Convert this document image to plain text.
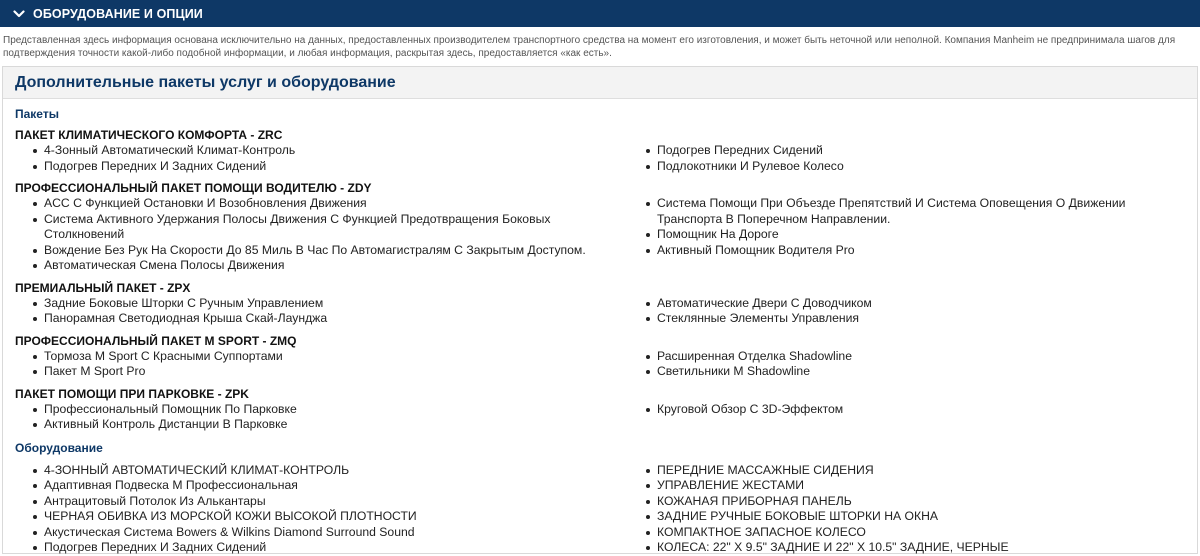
ОБОРУДОВАНИЕ И ОПЦИИ
Представленная здесь информация основана исключительно на данных, предоставленных производителем транспортного средства на момент его изготовления, и может быть неточной или неполной. Компания Manheim не предпринимала шагов для подтверждения точности какой-либо подобной информации, и любая информация, раскрытая здесь, предоставляется «как есть».
Дополнительные пакеты услуг и оборудование
Пакеты
ПАКЕТ КЛИМАТИЧЕСКОГО КОМФОРТА - ZRC
4-Зонный Автоматический Климат-Контроль
Подогрев Передних И Задних Сидений
Подогрев Передних Сидений
Подлокотники И Рулевое Колесо
ПРОФЕССИОНАЛЬНЫЙ ПАКЕТ ПОМОЩИ ВОДИТЕЛЮ - ZDY
ACC С Функцией Остановки И Возобновления Движения
Система Активного Удержания Полосы Движения С Функцией Предотвращения Боковых Столкновений
Вождение Без Рук На Скорости До 85 Миль В Час По Автомагистралям С Закрытым Доступом.
Автоматическая Смена Полосы Движения
Система Помощи При Объезде Препятствий И Система Оповещения О Движении Транспорта В Поперечном Направлении.
Помощник На Дороге
Активный Помощник Водителя Pro
ПРЕМИАЛЬНЫЙ ПАКЕТ - ZPX
Задние Боковые Шторки С Ручным Управлением
Панорамная Светодиодная Крыша Скай-Лаунджа
Автоматические Двери С Доводчиком
Стеклянные Элементы Управления
ПРОФЕССИОНАЛЬНЫЙ ПАКЕТ M SPORT - ZMQ
Тормоза M Sport С Красными Суппортами
Пакет M Sport Pro
Расширенная Отделка Shadowline
Светильники M Shadowline
ПАКЕТ ПОМОЩИ ПРИ ПАРКОВКЕ - ZPK
Профессиональный Помощник По Парковке
Активный Контроль Дистанции В Парковке
Круговой Обзор С 3D-Эффектом
Оборудование
4-ЗОННЫЙ АВТОМАТИЧЕСКИЙ КЛИМАТ-КОНТРОЛЬ
Адаптивная Подвеска M Профессиональная
Антрацитовый Потолок Из Алькантары
ЧЕРНАЯ ОБИВКА ИЗ МОРСКОЙ КОЖИ ВЫСОКОЙ ПЛОТНОСТИ
Акустическая Система Bowers & Wilkins Diamond Surround Sound
Подогрев Передних И Задних Сидений
ПЕРЕДНИЕ МАССАЖНЫЕ СИДЕНИЯ
УПРАВЛЕНИЕ ЖЕСТАМИ
КОЖАНАЯ ПРИБОРНАЯ ПАНЕЛЬ
ЗАДНИЕ РУЧНЫЕ БОКОВЫЕ ШТОРКИ НА ОКНА
КОМПАКТНОЕ ЗАПАСНОЕ КОЛЕСО
КОЛЕСА: 22" X 9.5" ЗАДНИЕ И 22" X 10.5" ЗАДНИЕ, ЧЕРНЫЕ
